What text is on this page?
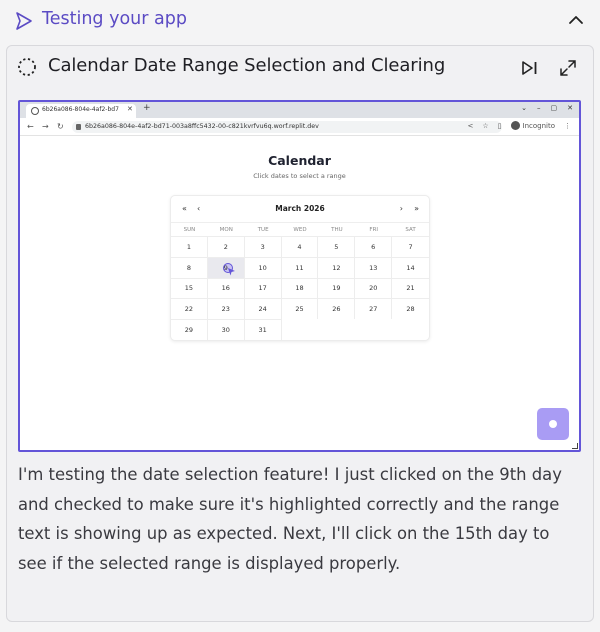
Testing your app
Calendar Date Range Selection and Clearing
6b26a086-804e-4af2-bd7	✕ +	⌄ – ▢ ✕
← → ↻	6b26a086-804e-4af2-bd71-003a8ffc5432-00-c821kvrfvu6q.worf.replit.dev	< ☆ ▯	Incognito ⋮
Calendar
Click dates to select a range
« ‹	March 2026	› »
SUN	MON	TUE	WED	THU	FRI	SAT
1	2	3	4	5	6	7
8	9	10	11	12	13	14
15	16	17	18	19	20	21
22	23	24	25	26	27	28
29	30	31

I'm testing the date selection feature! I just clicked on the 9th day and checked to make sure it's highlighted correctly and the range text is showing up as expected. Next, I'll click on the 15th day to see if the selected range is displayed properly.
